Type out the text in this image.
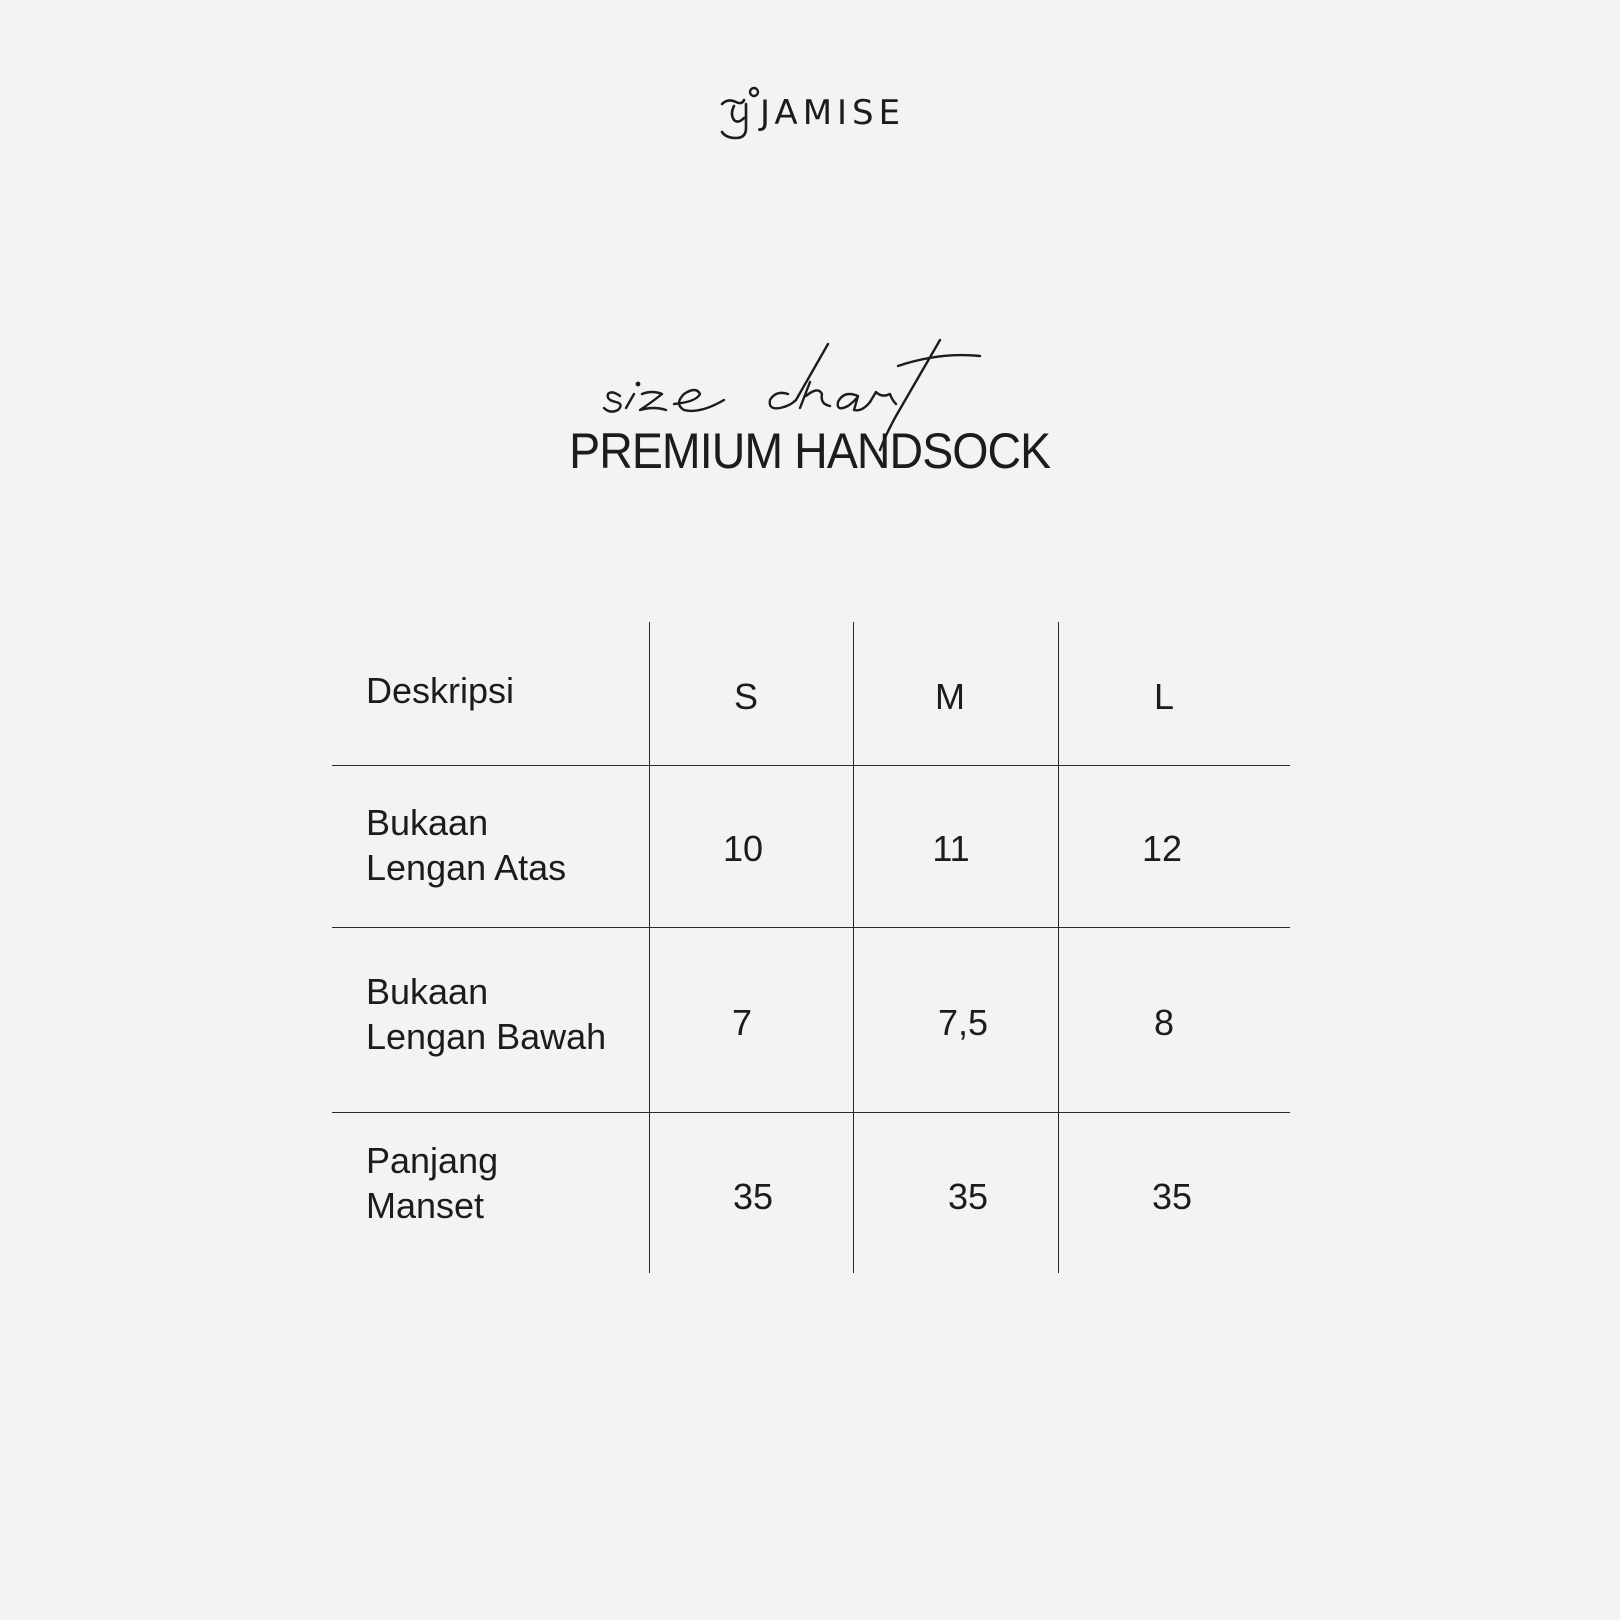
JAMISE
PREMIUM HANDSOCK
Deskripsi	S	M	L
Bukaan
Lengan Atas	10	11	12
Bukaan
Lengan Bawah	7	7,5	8
Panjang
Manset	35	35	35
